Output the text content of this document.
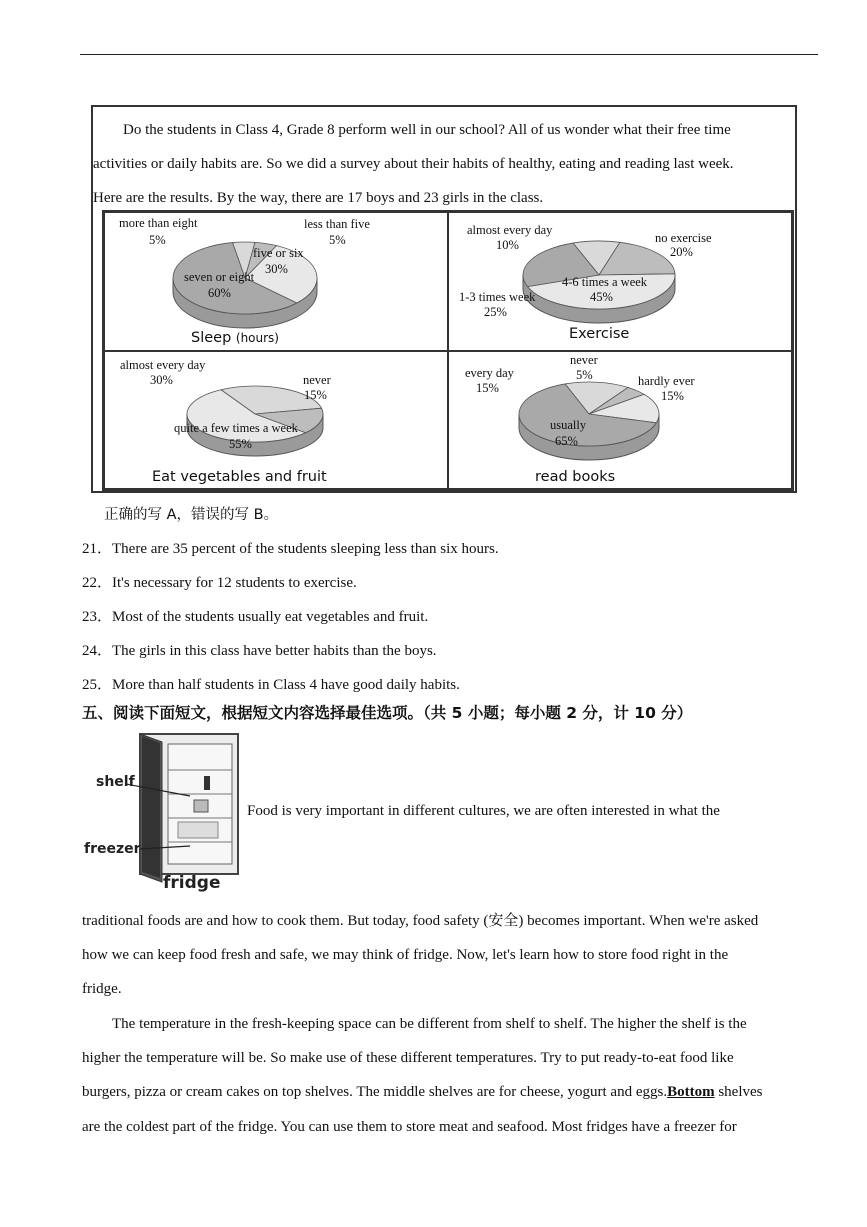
Do the students in Class 4, Grade 8 perform well in our school? All of us wonder what their free time

activities or daily habits are. So we did a survey about their habits of healthy, eating and reading last week.

Here are the results. By the way, there are 17 boys and 23 girls in the class.

more than eight
5%
less than five
5%
five or six
30%
seven or eight
60%
Sleep (hours)
almost every day
10%	no exercise
20%
4-6 times a week
45%
1-3 times week
25%
Exercise
almost every day
30%	never
15%
quite a few times a week
55%
Eat vegetables and fruit
every day
15%
never
5%	hardly ever
15%
usually
65%
read books
正确的写 A，错误的写 B。
21．There are 35 percent of the students sleeping less than six hours.
22．It's necessary for 12 students to exercise.
23．Most of the students usually eat vegetables and fruit.
24．The girls in this class have better habits than the boys.
25．More than half students in Class 4 have good daily habits.
五、阅读下面短文，根据短文内容选择最佳选项。（共 5 小题；每小题 2 分，计 10 分）
shelf
freezer
fridge
Food is very important in different cultures, we are often interested in what the

traditional foods are and how to cook them. But today, food safety (安全) becomes important. When we're asked

how we can keep food fresh and safe, we may think of fridge. Now, let's learn how to store food right in the

fridge.

The temperature in the fresh-keeping space can be different from shelf to shelf. The higher the shelf is the

higher the temperature will be. So make use of these different temperatures. Try to put ready-to-eat food like

burgers, pizza or cream cakes on top shelves. The middle shelves are for cheese, yogurt and eggs.Bottom shelves

are the coldest part of the fridge. You can use them to store meat and seafood. Most fridges have a freezer for
